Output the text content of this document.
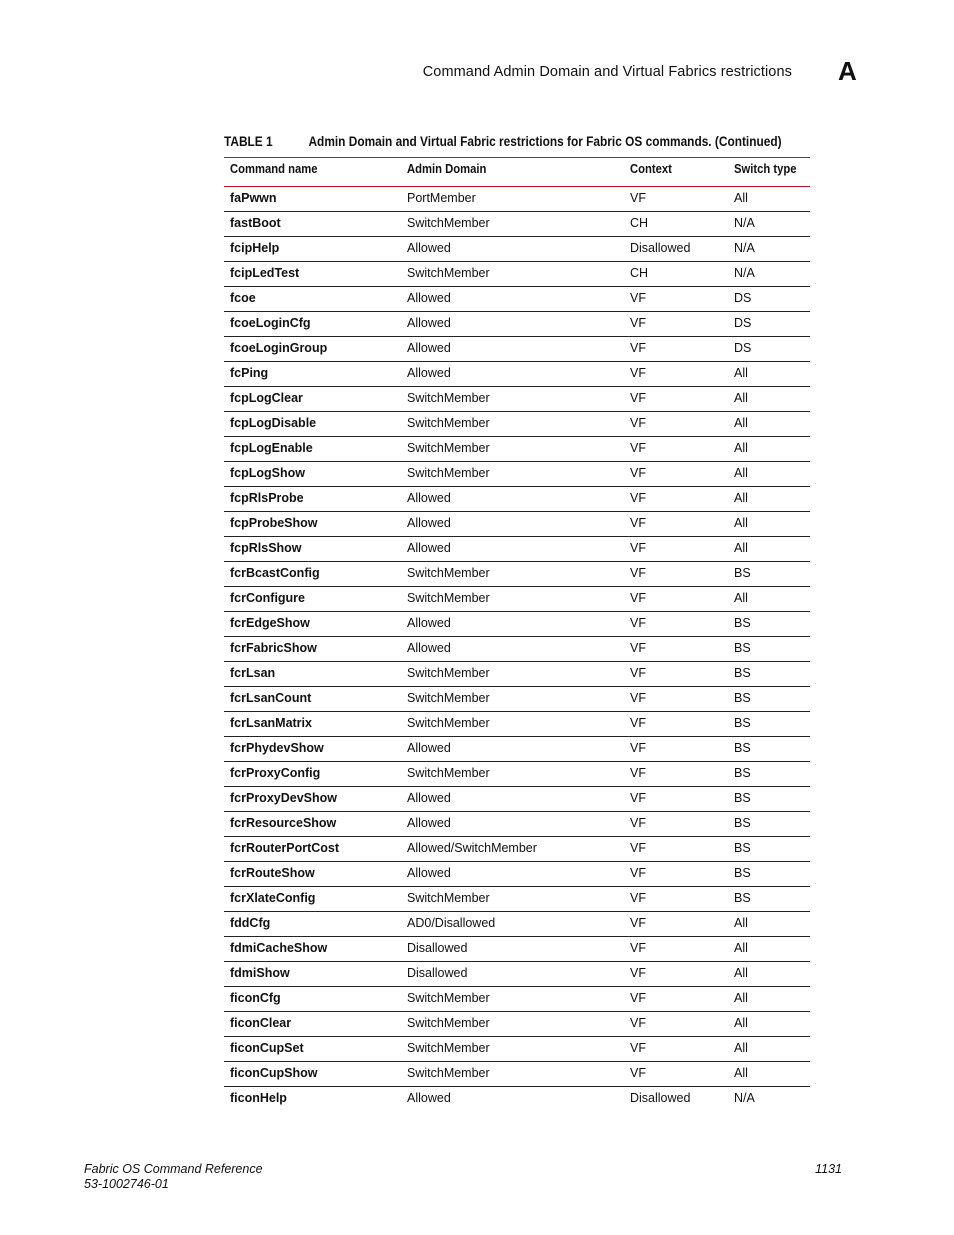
Command Admin Domain and Virtual Fabrics restrictions A
TABLE 1	Admin Domain and Virtual Fabric restrictions for Fabric OS commands. (Continued)
Command name	Admin Domain	Context	Switch type
faPwwn	PortMember	VF	All
fastBoot	SwitchMember	CH	N/A
fcipHelp	Allowed	Disallowed	N/A
fcipLedTest	SwitchMember	CH	N/A
fcoe	Allowed	VF	DS
fcoeLoginCfg	Allowed	VF	DS
fcoeLoginGroup	Allowed	VF	DS
fcPing	Allowed	VF	All
fcpLogClear	SwitchMember	VF	All
fcpLogDisable	SwitchMember	VF	All
fcpLogEnable	SwitchMember	VF	All
fcpLogShow	SwitchMember	VF	All
fcpRlsProbe	Allowed	VF	All
fcpProbeShow	Allowed	VF	All
fcpRlsShow	Allowed	VF	All
fcrBcastConfig	SwitchMember	VF	BS
fcrConfigure	SwitchMember	VF	All
fcrEdgeShow	Allowed	VF	BS
fcrFabricShow	Allowed	VF	BS
fcrLsan	SwitchMember	VF	BS
fcrLsanCount	SwitchMember	VF	BS
fcrLsanMatrix	SwitchMember	VF	BS
fcrPhydevShow	Allowed	VF	BS
fcrProxyConfig	SwitchMember	VF	BS
fcrProxyDevShow	Allowed	VF	BS
fcrResourceShow	Allowed	VF	BS
fcrRouterPortCost	Allowed/SwitchMember	VF	BS
fcrRouteShow	Allowed	VF	BS
fcrXlateConfig	SwitchMember	VF	BS
fddCfg	AD0/Disallowed	VF	All
fdmiCacheShow	Disallowed	VF	All
fdmiShow	Disallowed	VF	All
ficonCfg	SwitchMember	VF	All
ficonClear	SwitchMember	VF	All
ficonCupSet	SwitchMember	VF	All
ficonCupShow	SwitchMember	VF	All
ficonHelp	Allowed	Disallowed	N/A
Fabric OS Command Reference
53-1002746-01
1131
